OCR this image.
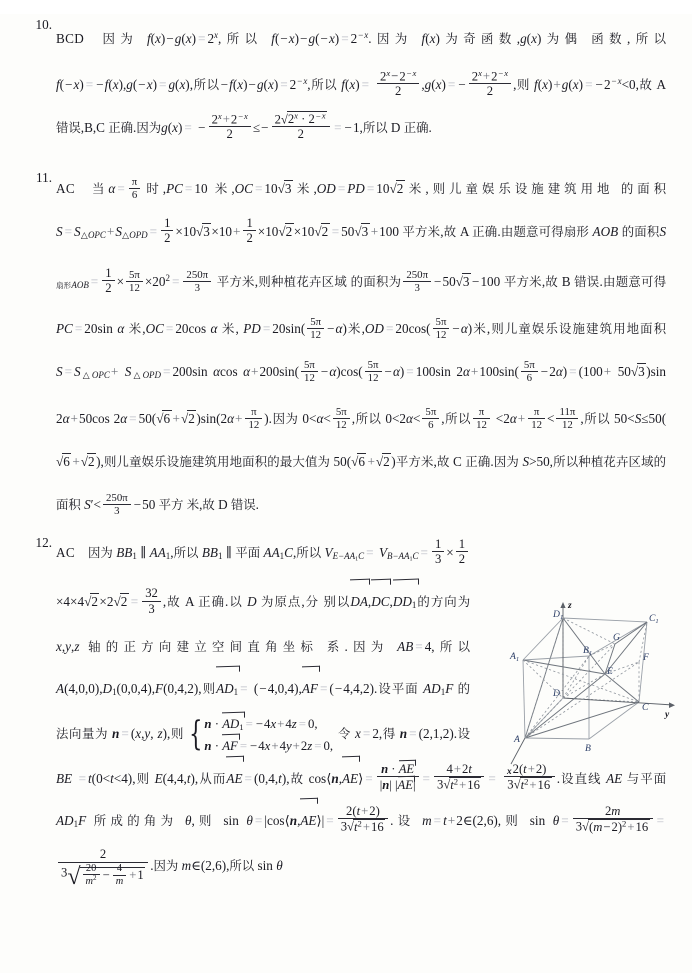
10.
BCD 因为 $f(x)-g(x) = 2^x$,所以 $f(-x)-g(-x) = 2^{-x}$.因为 f(x)为奇函数,g(x)为偶 函数,所以 f(−x) = −f(x),g(−x) = g(x),所以$-f(x)-g(x) = 2^{-x}$,所以 $f(x) = \frac{2^x-2^{-x}}{2} ,g(x)$ = − $\frac{2^x+2^{-x}}{2}$ ,则 $f(x)+g(x) = -2^{-x}<0$,故 A 错误,B,C 正确.因为g(x) = − $\frac{2^x+2^{-x}}{2} \le- \frac{2√2^x \cdot 2^{-x}}{2} = -1$,所以 D 正确.
11.
AC 当$\alpha = \frac{\pi}{6}$ 时,PC = 10 米,OC = 10√3 米,OD = PD = 10√2 米,则儿童娱乐设施建筑用地 的面积$S = S_{\triangle OPC}+S_{\triangle OPD} = \frac{1}{2} \times 10√3 \times 10+ \frac{1}{2} \times 10√2 \times 10√2 = 50√3 +100$ 平方米,故 A 正确.由题意可得扇形 AOB 的面积$S_{扇形AOB} = \frac{1}{2} \times \frac{5\pi}{12} \times 20^2 = \frac{250\pi}{3}$ 平方米,则种植花卉区域 的面积为 $\frac{250\pi}{3} -50√3 -100$ 平方米,故 B 错误.由题意可得 PC = 20sin α 米,OC = 20cos α 米, PD = $20\sin( \frac{5\pi}{12} -\alpha)$米$,OD = 20\cos( \frac{5\pi}{12} -\alpha)$米,则儿童娱乐设施建筑用地面积 $S = S_{\triangle OPC}+ S_{\triangle OPD} = 200\sin$ αcos $\alpha+200\sin( \frac{5\pi}{12} -\alpha)\cos( \frac{5\pi}{12} -\alpha) = 100\sin$ $2\alpha+100\sin( \frac{5\pi}{6} -2\alpha) = (100+ 50√3$ )sin 2α+50cos 2α = 50(√6 +√2 )$\sin(2\alpha+ \frac{\pi}{12}$ ).因为 $0<\alpha< \frac{5\pi}{12}$ ,所以 $0<2\alpha< \frac{5\pi}{6}$ ,所以 $\frac{\pi}{12} <2\alpha+ \frac{\pi}{12} < \frac{11\pi}{12}$ ,所以 50<S≤50(√6 +√2 ),则儿童娱乐设施建筑用地面积的最大值为 50(√6 +√2 )平方米,故 C 正确.因为 S>50,所以种植花卉区域的面积 $S'< \frac{250\pi}{3} -50$ 平方 米,故 D 错误.
12.
AC 因为 $BB_1$ ∥ $AA_1$,所以 $BB_1$ ∥ 平面 $AA_1C$,所以 $V_{E-AA_1C} = V_{B-AA_1C} = \frac{1}{3} \times \frac{1}{2}$
$\times 4\times 4√2 \times 2√2 = \frac{32}{3}$ ,故 A 正确.以 D 为原点,分 别以$DA,DC,DD_1$的方向为 x,y,z 轴的正方向建立空间直角坐标 系.因为 AB = 4,所以 $A(4,0,0),D_1(0,0,4),F(0,4,2)$,则$AD_1 = (-4,0,4),AF = (-4,4,2)$.设平面 $AD_1F$ 的法向量为 n = (x,y, z),则 { $n \cdot AD_1 = -4x+4z = 0$,
n · AF = −4x+4y+2z = 0,
令 x = 2,得 n = (2,1,2).设 BE = t(0<t<4),则 E(4,4,t),从而AE = (0,4,t),故 cos⟨n,AE⟩ = $\frac{n \cdot AE}{|n| |AE|} = \frac{4+2t}{3√t^2+16} = \frac{2(t+2)}{3√t^2+16}$ .设直线 AE 与平面 $AD_1F$ 所成的角为 θ,则 sin θ = |cos⟨n,AE⟩| = $\frac{2(t+2)}{3√t^2+16}$ .设 m = t+2∈(2,6),则 $\sin \theta = \frac{2m}{3√(m-2)^2+16}$ =
$\frac{2}{3√ \frac{20}{m^2} - \frac{4}{m} +1}$ .因为 m∈(2,6),所以 sin θ
A
B
C
D
$A_1$
$B_1$
$C_1$
$D_1$
E
F
G
z
y
x
